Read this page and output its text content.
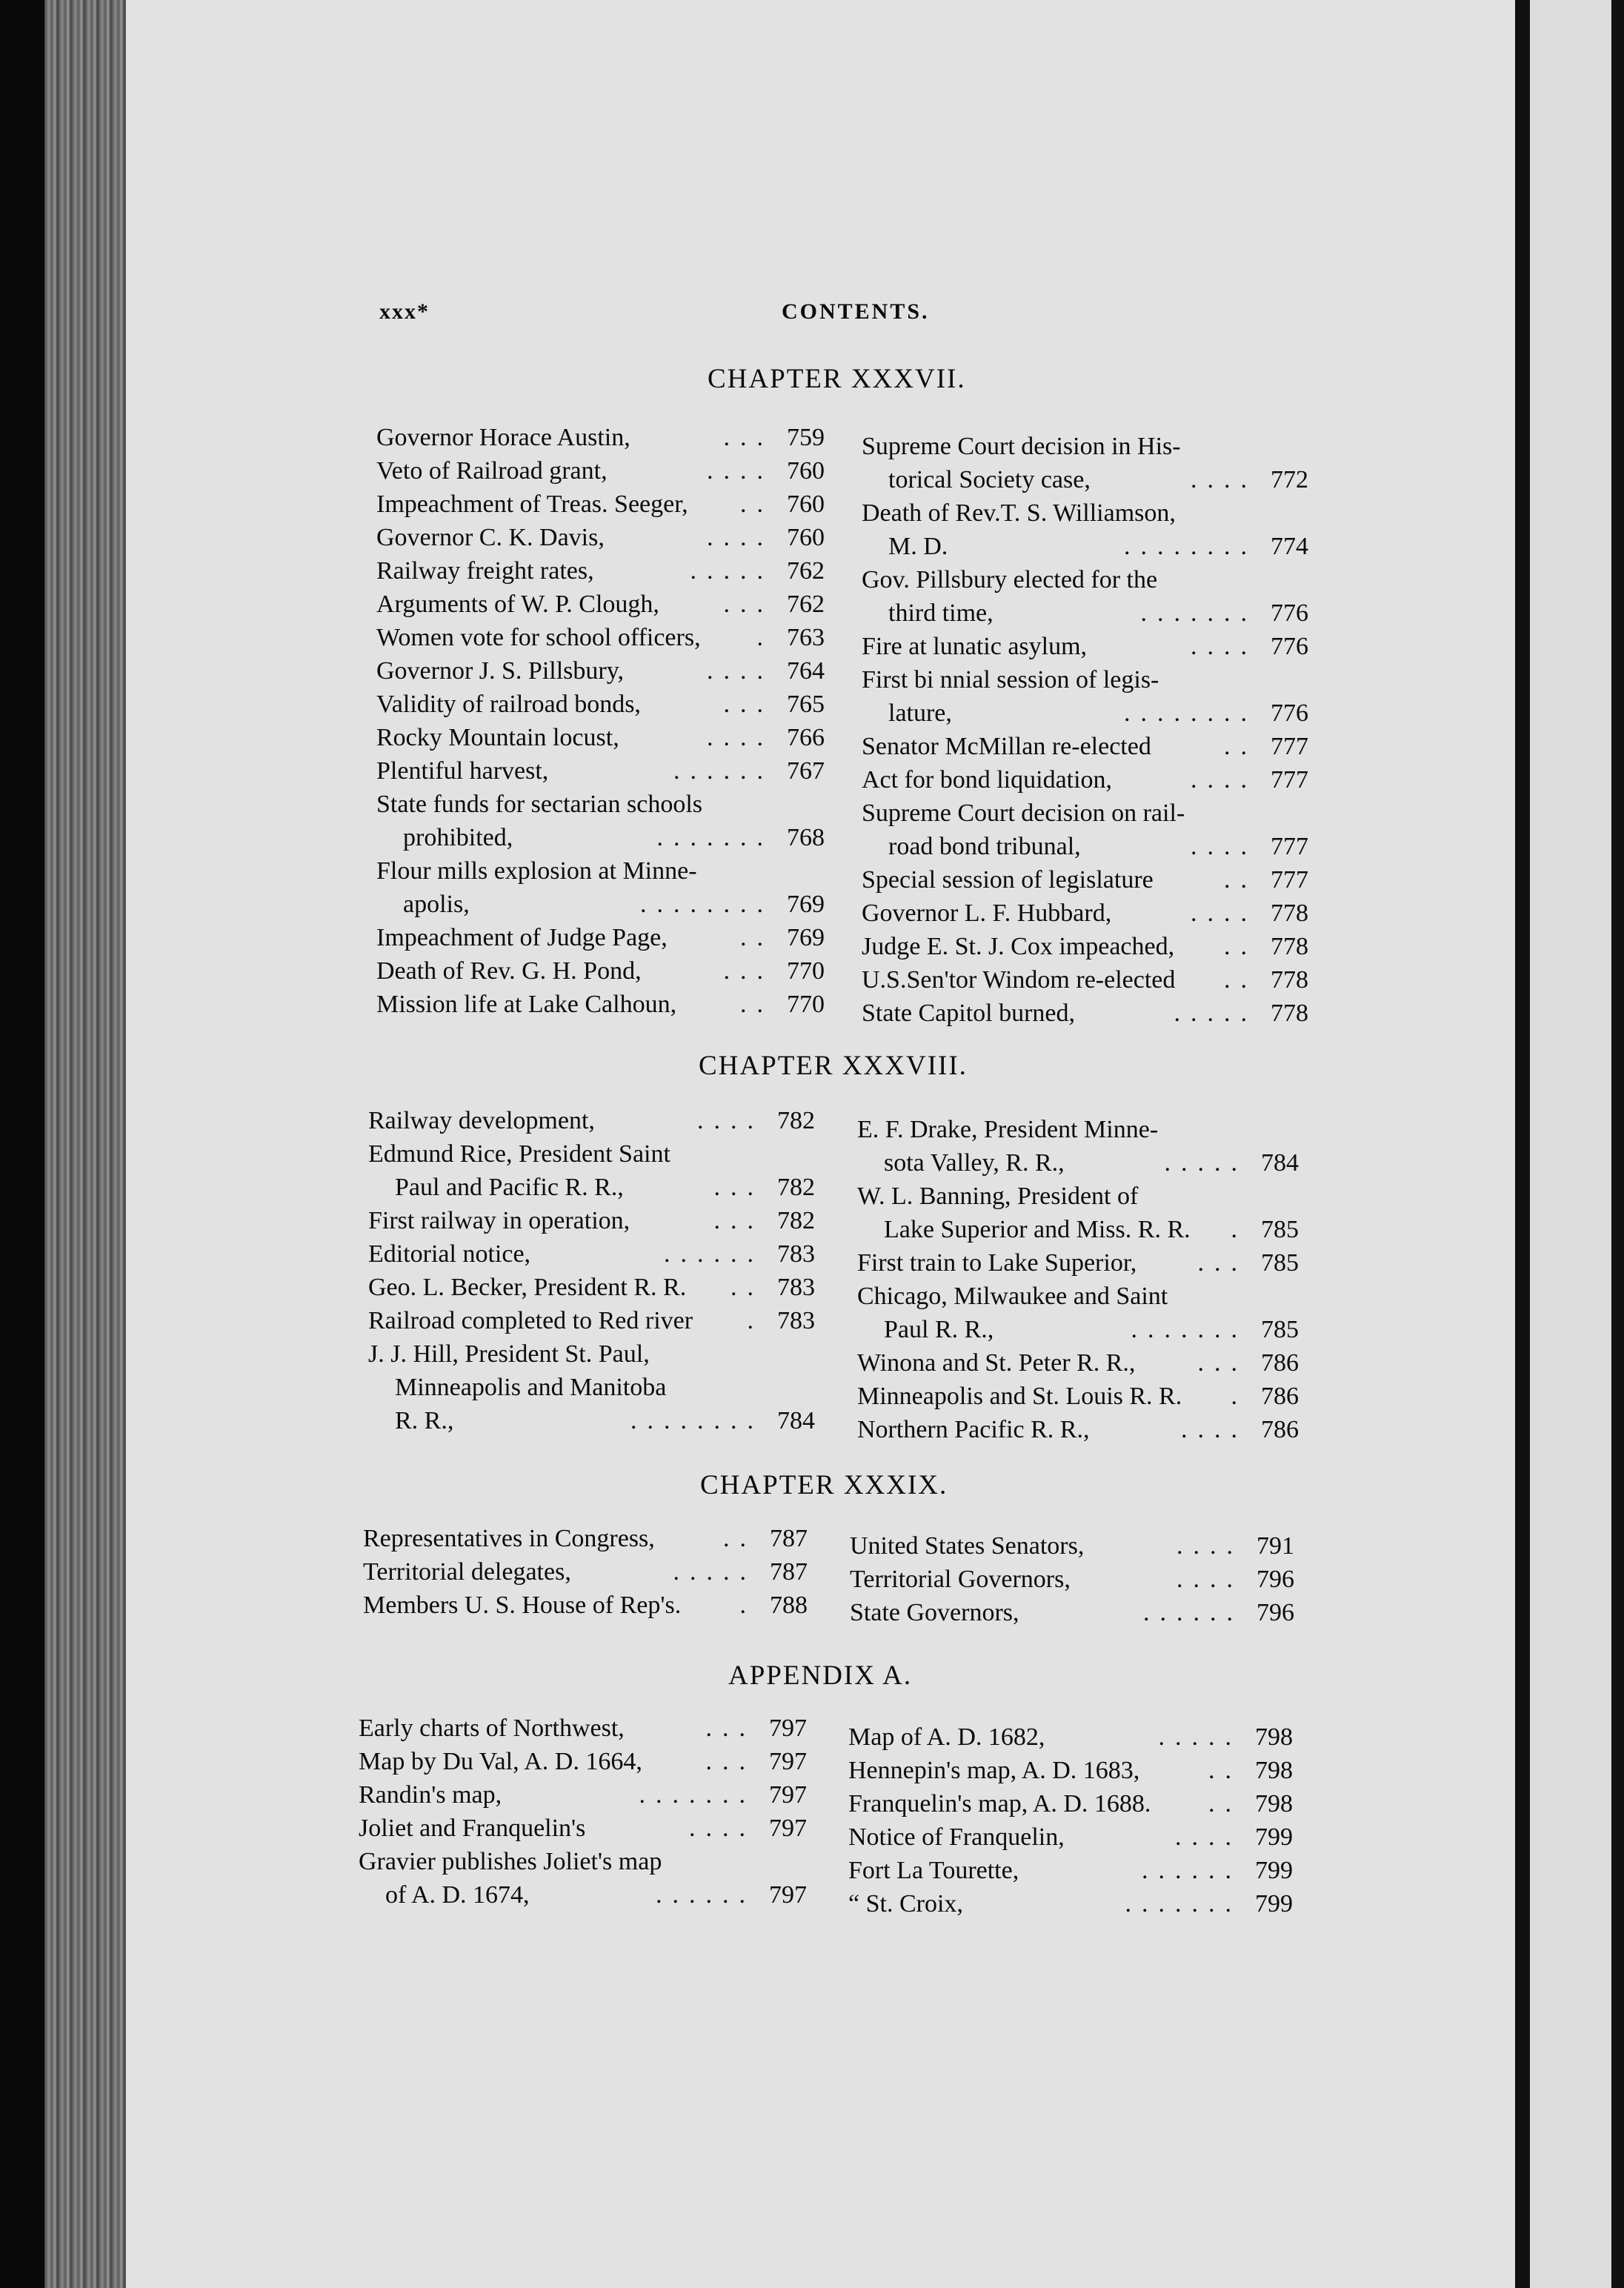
xxx*	CONTENTS.
CHAPTER XXXVII.
Governor Horace Austin,	759
...
Veto of Railroad grant,	760
....
Impeachment of Treas. Seeger,	760
..
Governor C. K. Davis,	760
....
Railway freight rates,	762
.....
Arguments of W. P. Clough,	762
...
Women vote for school officers,	763
.
Governor J. S. Pillsbury,	764
....
Validity of railroad bonds,	765
...
Rocky Mountain locust,	766
....
Plentiful harvest,	767
......
State funds for sectarian schools
prohibited,	768
.......
Flour mills explosion at Minne-
apolis,	769
........
Impeachment of Judge Page,	769
..
Death of Rev. G. H. Pond,	770
...
Mission life at Lake Calhoun,	770
..
Supreme Court decision in His-
torical Society case,	772
....
Death of Rev.T. S. Williamson,
M. D.	774
........
Gov. Pillsbury elected for the
third time,	776
.......
Fire at lunatic asylum,	776
....
First bi nnial session of legis-
lature,	776
........
Senator McMillan re-elected	777
..
Act for bond liquidation,	777
....
Supreme Court decision on rail-
road bond tribunal,	777
....
Special session of legislature	777
..
Governor L. F. Hubbard,	778
....
Judge E. St. J. Cox impeached,	778
..
U.S.Sen'tor Windom re-elected	778
..
State Capitol burned,	778
.....
CHAPTER XXXVIII.
Railway development,	782
....
Edmund Rice, President Saint
Paul and Pacific R. R.,	782
...
First railway in operation,	782
...
Editorial notice,	783
......
Geo. L. Becker, President R. R.	783
..
Railroad completed to Red river	783
.
J. J. Hill, President St. Paul,
Minneapolis and Manitoba
R. R.,	784
........
E. F. Drake, President Minne-
sota Valley, R. R.,	784
.....
W. L. Banning, President of
Lake Superior and Miss. R. R.	785
.
First train to Lake Superior,	785
...
Chicago, Milwaukee and Saint
Paul R. R.,	785
.......
Winona and St. Peter R. R.,	786
...
Minneapolis and St. Louis R. R.	786
.
Northern Pacific R. R.,	786
....
CHAPTER XXXIX.
Representatives in Congress,	787
..
Territorial delegates,	787
.....
Members U. S. House of Rep's.	788
.
United States Senators,	791
....
Territorial Governors,	796
....
State Governors,	796
......
APPENDIX A.
Early charts of Northwest,	797
...
Map by Du Val, A. D. 1664,	797
...
Randin's map,	797
.......
Joliet and Franquelin's	797
....
Gravier publishes Joliet's map
of A. D. 1674,	797
......
Map of A. D. 1682,	798
.....
Hennepin's map, A. D. 1683,	798
..
Franquelin's map, A. D. 1688.	798
..
Notice of Franquelin,	799
....
Fort La Tourette,	799
......
“ St. Croix,	799
.......
